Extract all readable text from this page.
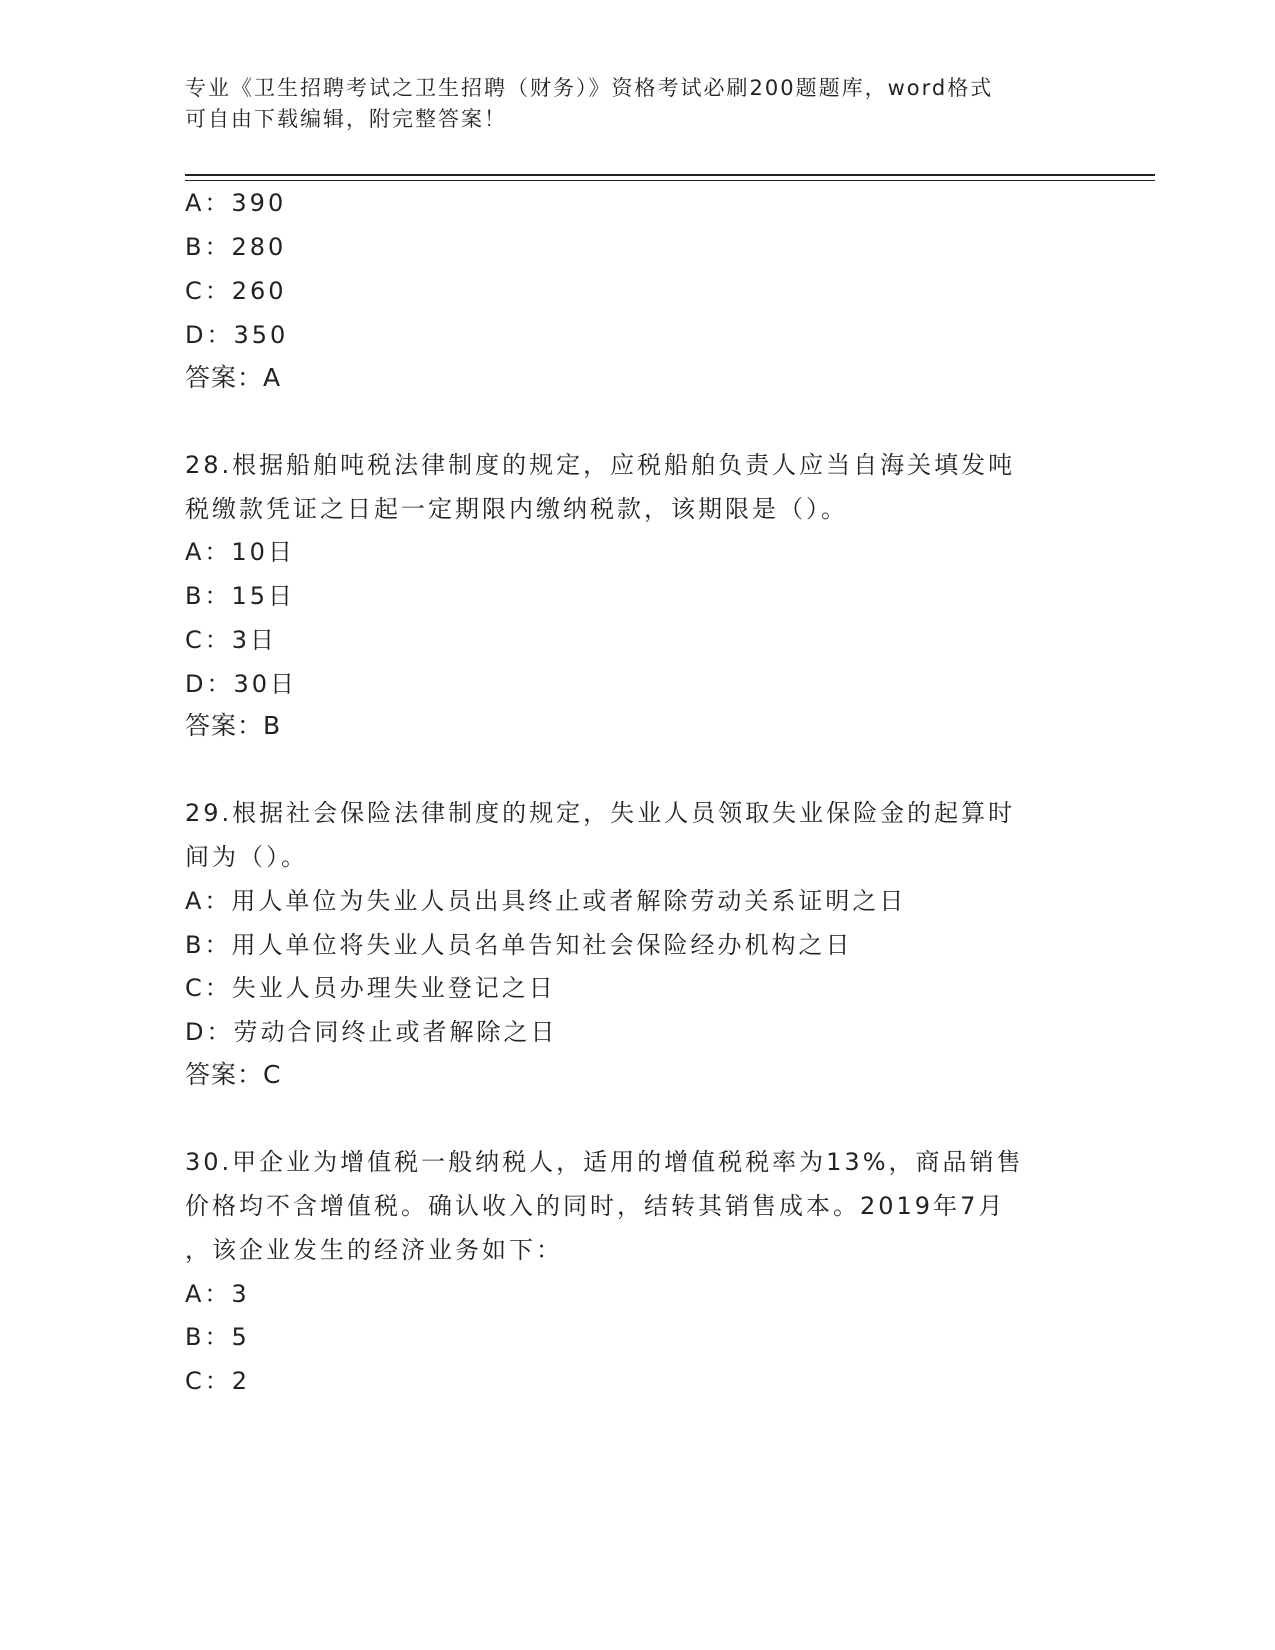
专业《卫生招聘考试之卫生招聘（财务）》资格考试必刷200题题库，word格式
可自由下载编辑，附完整答案！
A：390
B：280
C：260
D：350
答案：A
28.根据船舶吨税法律制度的规定，应税船舶负责人应当自海关填发吨
税缴款凭证之日起一定期限内缴纳税款，该期限是（）。
A：10日
B：15日
C：3日
D：30日
答案：B
29.根据社会保险法律制度的规定，失业人员领取失业保险金的起算时
间为（）。
A：用人单位为失业人员出具终止或者解除劳动关系证明之日
B：用人单位将失业人员名单告知社会保险经办机构之日
C：失业人员办理失业登记之日
D：劳动合同终止或者解除之日
答案：C
30.甲企业为增值税一般纳税人，适用的增值税税率为13%，商品销售
价格均不含增值税。确认收入的同时，结转其销售成本。2019年7月
，该企业发生的经济业务如下：
A：3
B：5
C：2
